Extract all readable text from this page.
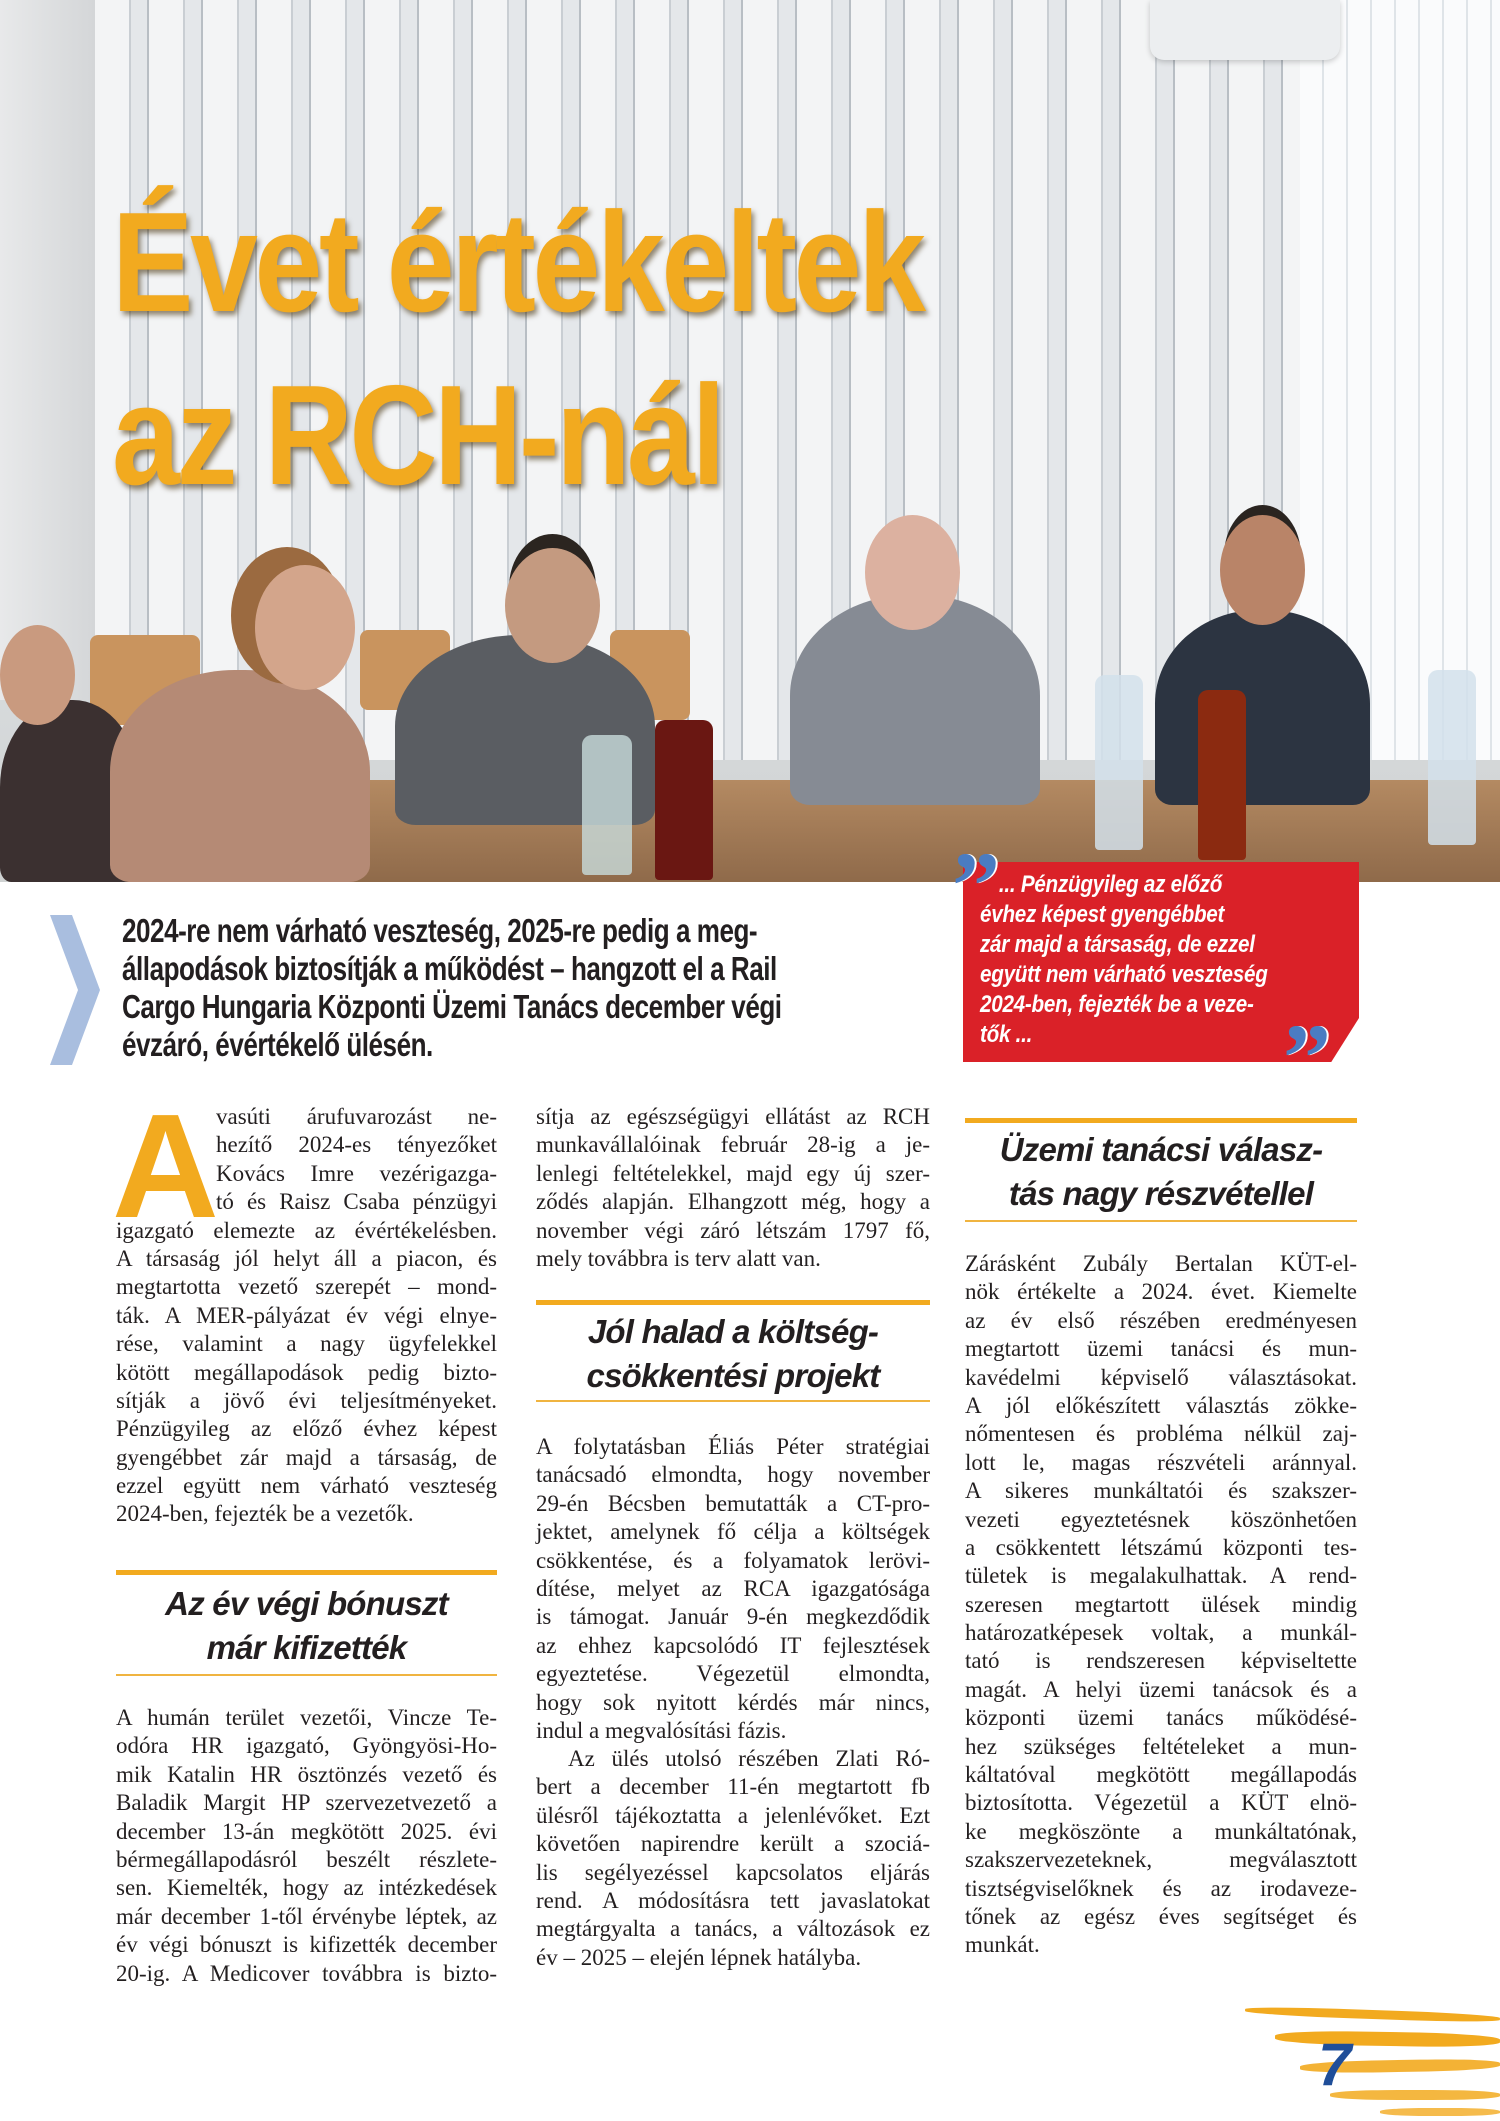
Évet értékeltek
az RCH-nál
2024-re nem várható veszteség, 2025-re pedig a meg-
állapodások biztosítják a működést – hangzott el a Rail
Cargo Hungaria Központi Üzemi Tanács december végi
évzáró, évértékelő ülésén.
... Pénzügyileg az előző
évhez képest gyengébbet
zár majd a társaság, de ezzel
együtt nem várható veszteség
2024-ben, fejezték be a veze-
tők ...
”
”
A
vasúti árufuvarozást ne-
hezítő 2024-es tényezőket
Kovács Imre vezérigazga-
tó és Raisz Csaba pénzügyi
igazgató elemezte az évértékelésben.
A társaság jól helyt áll a piacon, és
megtartotta vezető szerepét – mond-
ták. A MER-pályázat év végi elnye-
rése, valamint a nagy ügyfelekkel
kötött megállapodások pedig bizto-
sítják a jövő évi teljesítményeket.
Pénzügyileg az előző évhez képest
gyengébbet zár majd a társaság, de
ezzel együtt nem várható veszteség
2024-ben, fejezték be a vezetők.
Az év végi bónuszt
már kifizették
A humán terület vezetői, Vincze Te-
odóra HR igazgató, Gyöngyösi-Ho-
mik Katalin HR ösztönzés vezető és
Baladik Margit HP szervezetvezető a
december 13-án megkötött 2025. évi
bérmegállapodásról beszélt részlete-
sen. Kiemelték, hogy az intézkedések
már december 1-től érvénybe léptek, az
év végi bónuszt is kifizették december
20-ig. A Medicover továbbra is bizto-
sítja az egészségügyi ellátást az RCH
munkavállalóinak február 28-ig a je-
lenlegi feltételekkel, majd egy új szer-
ződés alapján. Elhangzott még, hogy a
november végi záró létszám 1797 fő,
mely továbbra is terv alatt van.
Jól halad a költség-
csökkentési projekt
A folytatásban Éliás Péter stratégiai
tanácsadó elmondta, hogy november
29-én Bécsben bemutatták a CT-pro-
jektet, amelynek fő célja a költségek
csökkentése, és a folyamatok lerövi-
dítése, melyet az RCA igazgatósága
is támogat. Január 9-én megkezdődik
az ehhez kapcsolódó IT fejlesztések
egyeztetése. Végezetül elmondta,
hogy sok nyitott kérdés már nincs,
indul a megvalósítási fázis.
Az ülés utolsó részében Zlati Ró-
bert a december 11-én megtartott fb
ülésről tájékoztatta a jelenlévőket. Ezt
követően napirendre került a szociá-
lis segélyezéssel kapcsolatos eljárás
rend. A módosításra tett javaslatokat
megtárgyalta a tanács, a változások ez
év – 2025 – elején lépnek hatályba.
Üzemi tanácsi válasz-
tás nagy részvétellel
Zárásként Zubály Bertalan KÜT-el-
nök értékelte a 2024. évet. Kiemelte
az év első részében eredményesen
megtartott üzemi tanácsi és mun-
kavédelmi képviselő választásokat.
A jól előkészített választás zökke-
nőmentesen és probléma nélkül zaj-
lott le, magas részvételi aránnyal.
A sikeres munkáltatói és szakszer-
vezeti egyeztetésnek köszönhetően
a csökkentett létszámú központi tes-
tületek is megalakulhattak. A rend-
szeresen megtartott ülések mindig
határozatképesek voltak, a munkál-
tató is rendszeresen képviseltette
magát. A helyi üzemi tanácsok és a
központi üzemi tanács működésé-
hez szükséges feltételeket a mun-
káltatóval megkötött megállapodás
biztosította. Végezetül a KÜT elnö-
ke megköszönte a munkáltatónak,
szakszervezeteknek, megválasztott
tisztségviselőknek és az irodaveze-
tőnek az egész éves segítséget és
munkát.
7
